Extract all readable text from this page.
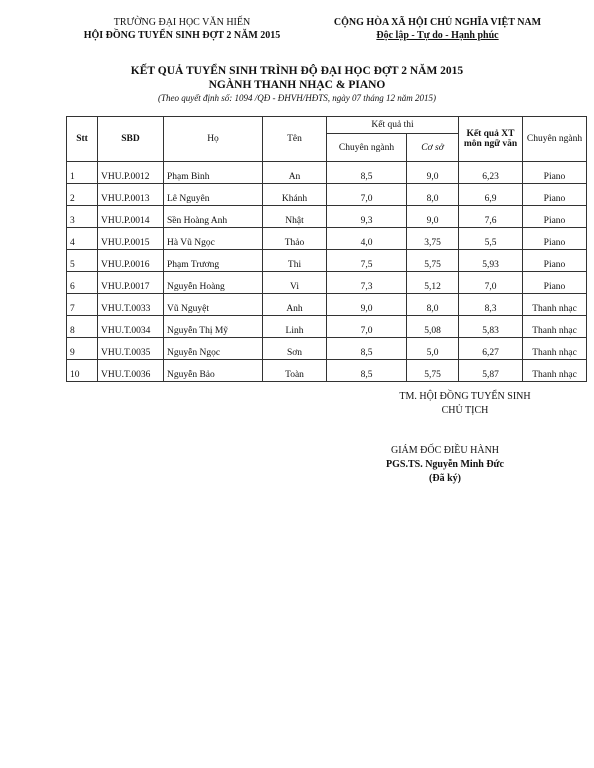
TRƯỜNG ĐẠI HỌC VĂN HIẾN
HỘI ĐỒNG TUYỂN SINH ĐỢT 2 NĂM 2015
CỘNG HÒA XÃ HỘI CHỦ NGHĨA VIỆT NAM
Độc lập - Tự do - Hạnh phúc
KẾT QUẢ TUYỂN SINH TRÌNH ĐỘ ĐẠI HỌC ĐỢT 2 NĂM 2015
NGÀNH THANH NHẠC & PIANO
(Theo quyết định số: 1094 /QĐ - ĐHVH/HĐTS, ngày 07 tháng 12 năm 2015)
Stt	SBD	Họ	Tên	Kết quả thi		Kết quả XT môn ngữ văn	Chuyên ngành
				Chuyên ngành	Cơ sở		
1	VHU.P.0012	Phạm Bình	An	8,5	9,0	6,23	Piano
2	VHU.P.0013	Lê Nguyên	Khánh	7,0	8,0	6,9	Piano
3	VHU.P.0014	Sền Hoàng Anh	Nhật	9,3	9,0	7,6	Piano
4	VHU.P.0015	Hà Vũ Ngọc	Thảo	4,0	3,75	5,5	Piano
5	VHU.P.0016	Phạm Trương	Thi	7,5	5,75	5,93	Piano
6	VHU.P.0017	Nguyễn Hoàng	Vi	7,3	5,12	7,0	Piano
7	VHU.T.0033	Vũ Nguyệt	Anh	9,0	8,0	8,3	Thanh nhạc
8	VHU.T.0034	Nguyễn Thị Mỹ	Linh	7,0	5,08	5,83	Thanh nhạc
9	VHU.T.0035	Nguyễn Ngọc	Sơn	8,5	5,0	6,27	Thanh nhạc
10	VHU.T.0036	Nguyễn Bảo	Toàn	8,5	5,75	5,87	Thanh nhạc
TM. HỘI ĐỒNG TUYỂN SINH
CHỦ TỊCH
GIÁM ĐỐC ĐIỀU HÀNH
PGS.TS. Nguyễn Minh Đức
(Đã ký)
